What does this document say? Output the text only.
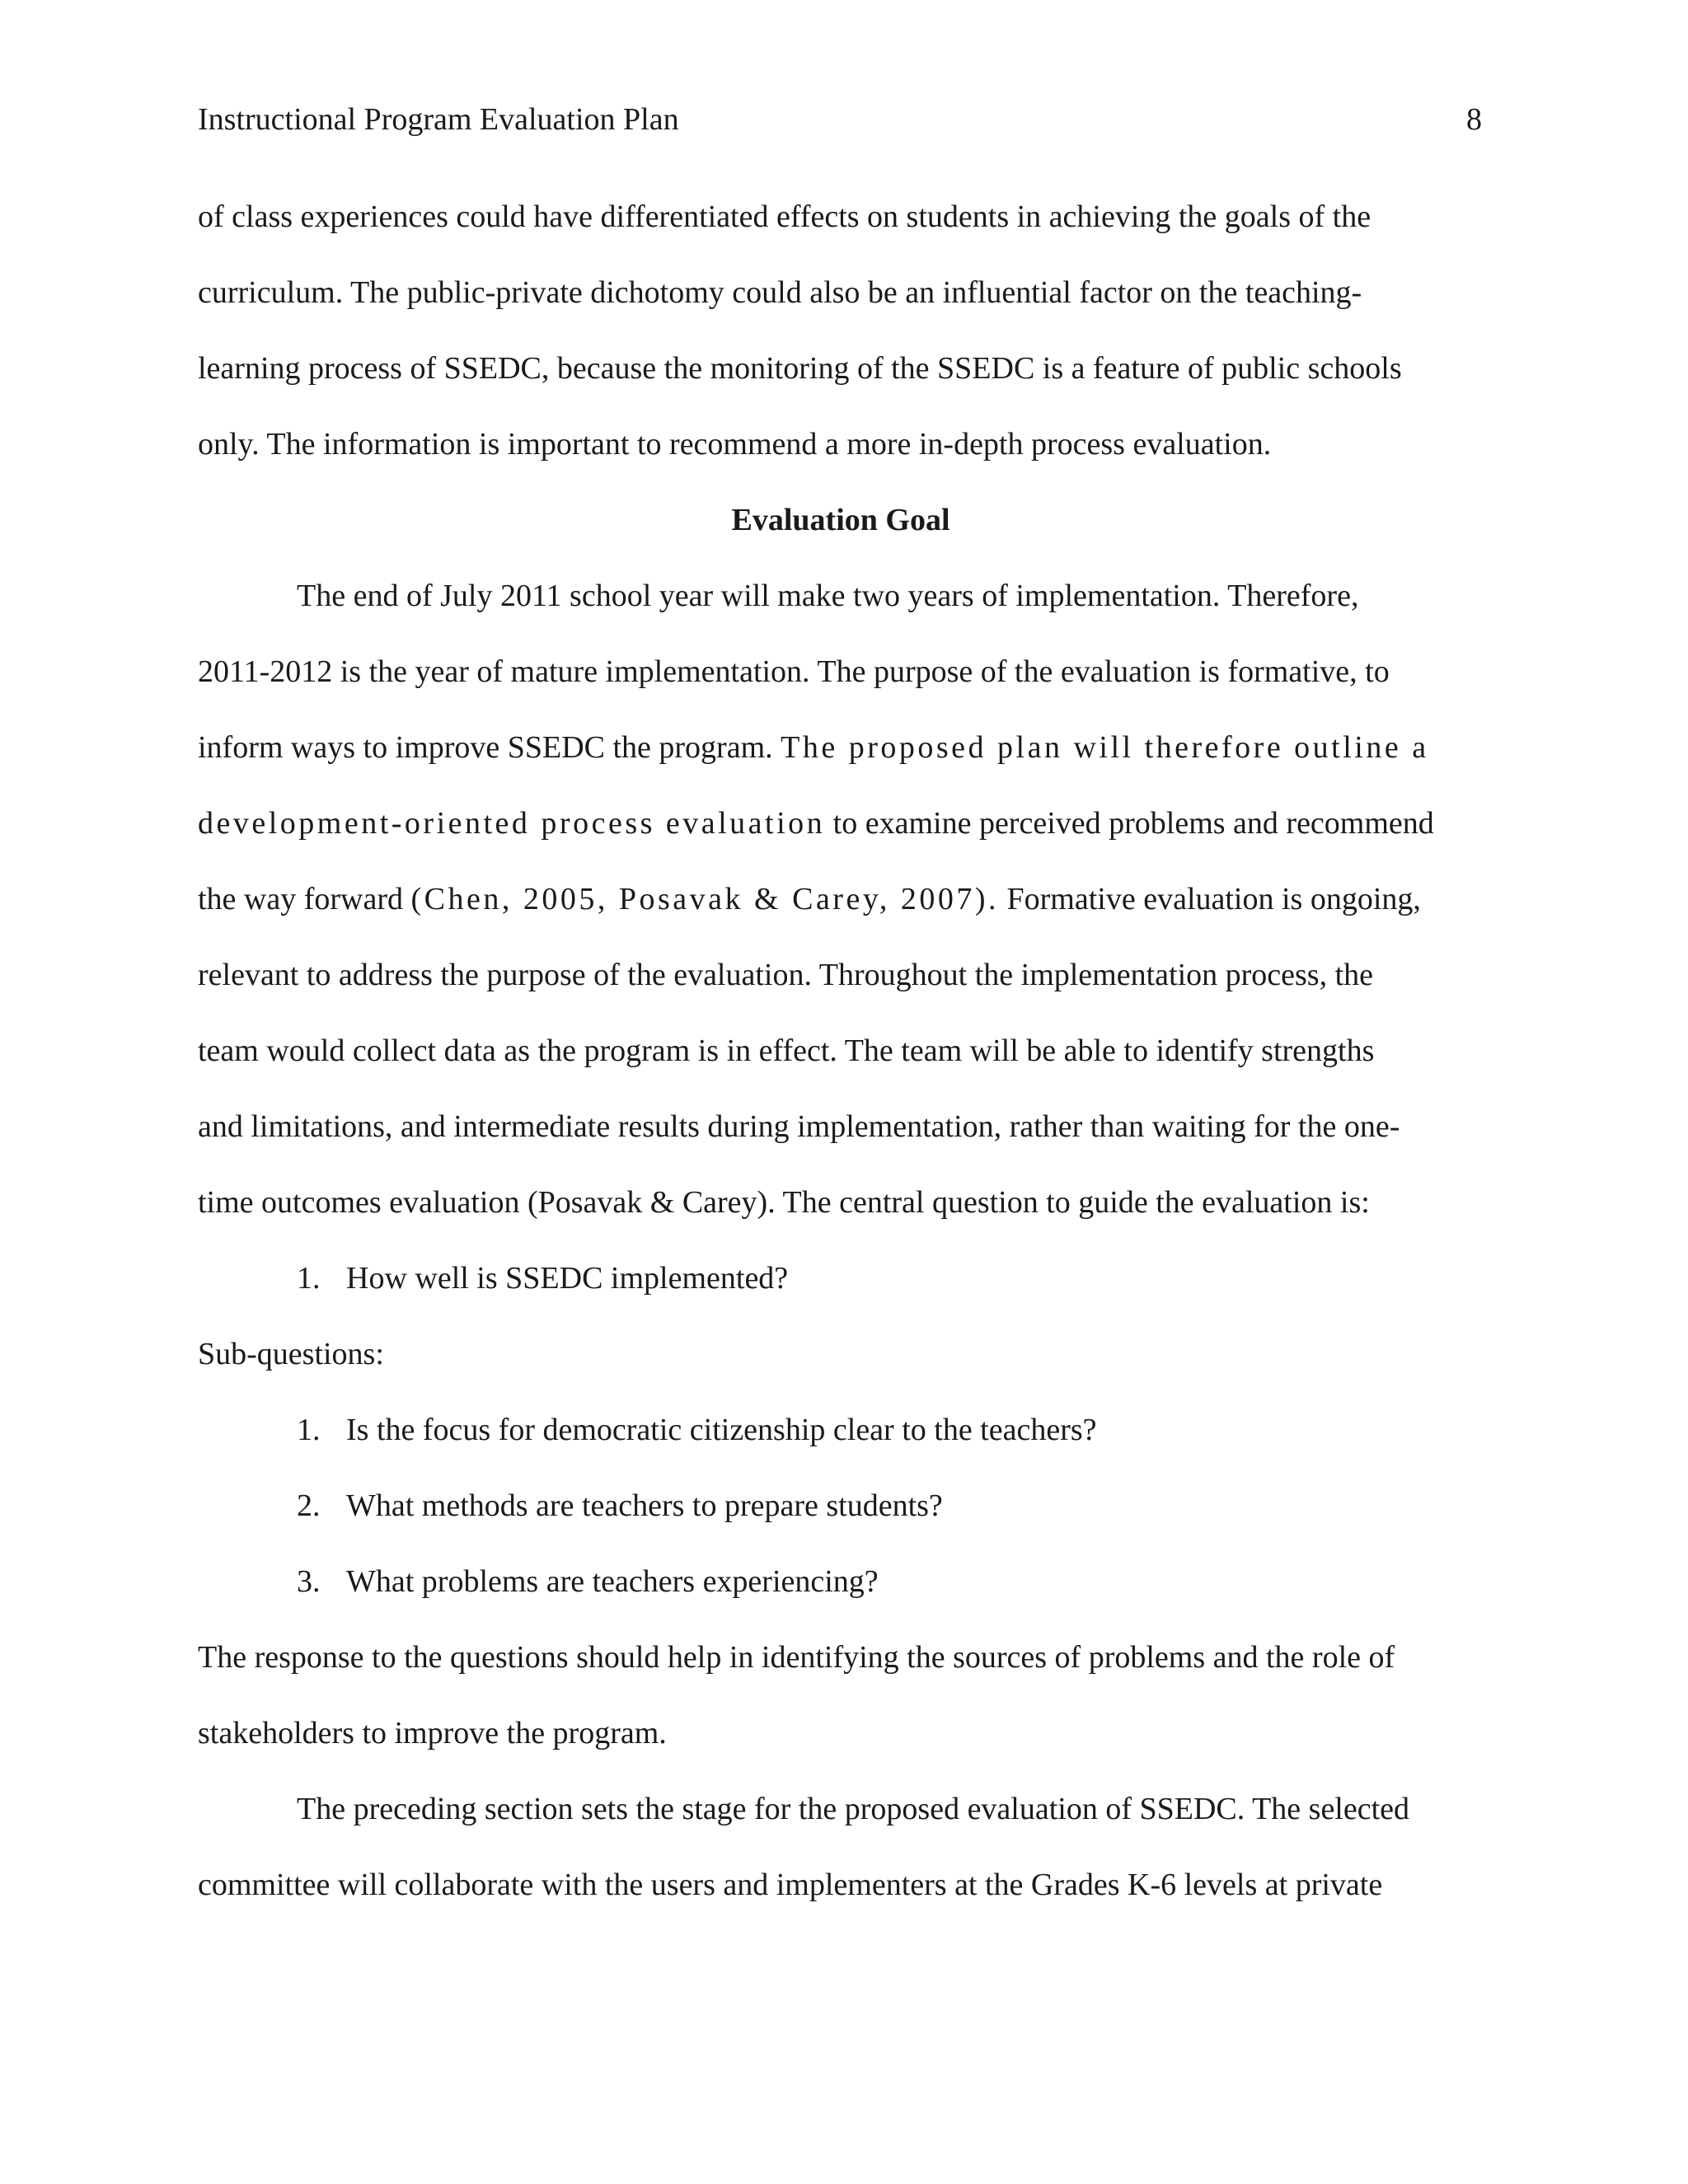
Instructional Program Evaluation Plan	8
of class experiences could have differentiated effects on students in achieving the goals of the
curriculum. The public-private dichotomy could also be an influential factor on the teaching-
learning process of SSEDC, because the monitoring of the SSEDC is a feature of public schools
only. The information is important to recommend a more in-depth process evaluation.
Evaluation Goal
The end of July 2011 school year will make two years of implementation. Therefore,
2011-2012 is the year of mature implementation. The purpose of the evaluation is formative, to
inform ways to improve SSEDC the program. The proposed plan will therefore outline a
development-oriented process evaluation to examine perceived problems and recommend
the way forward (Chen, 2005, Posavak & Carey, 2007). Formative evaluation is ongoing,
relevant to address the purpose of the evaluation. Throughout the implementation process, the
team would collect data as the program is in effect. The team will be able to identify strengths
and limitations, and intermediate results during implementation, rather than waiting for the one-
time outcomes evaluation (Posavak & Carey). The central question to guide the evaluation is:
1. How well is SSEDC implemented?
Sub-questions:
1. Is the focus for democratic citizenship clear to the teachers?
2. What methods are teachers to prepare students?
3. What problems are teachers experiencing?
The response to the questions should help in identifying the sources of problems and the role of
stakeholders to improve the program.
The preceding section sets the stage for the proposed evaluation of SSEDC. The selected
committee will collaborate with the users and implementers at the Grades K-6 levels at private
